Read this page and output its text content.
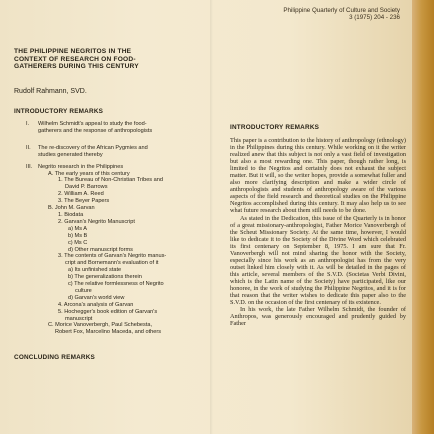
Philippine Quarterly of Culture and Society
3 (1975) 204 - 236
THE PHILIPPINE NEGRITOS IN THE
CONTEXT OF RESEARCH ON FOOD-
GATHERERS DURING THIS CENTURY
Rudolf Rahmann, SVD.
INTRODUCTORY REMARKS
I. Wilhelm Schmidt's appeal to study the food-
gatherers and the response of anthropologists
II. The re-discovery of the African Pygmies and
studies generated thereby
III. Negrito research in the Philippines
A. The early years of this century
1. The Bureau of Non-Christian Tribes and
David P. Barrows
2. William A. Reed
3. The Beyer Papers
B. John M. Garvan
1. Biodata
2. Garvan's Negrito Manuscript
a) Ms A
b) Ms B
c) Ms C
d) Other manuscript forms
3. The contents of Garvan's Negrito manus-
cript and Bornemann's evaluation of it
a) Its unfinished state
b) The generalizations therein
c) The relative formlessness of Negrito
culture
d) Garvan's world view
4. Arcona's analysis of Garvan
5. Hochegger's book edition of Garvan's
manuscript
C. Morice Vanoverbergh, Paul Schebesta,
Robert Fox, Marcelino Maceda, and others
CONCLUDING REMARKS
INTRODUCTORY REMARKS

This paper is a contribution to the history of anthropology (ethnology) in the Philippines during this century. While working on it the writer realized anew that this subject is not only a vast field of investigation but also a most rewarding one. This paper, though rather long, is limited to the Negritos and certainly does not exhaust the subject matter. But it will, so the writer hopes, provide a somewhat fuller and also more clarifying description and make a wider circle of anthropologists and students of anthropology aware of the various aspects of the field research and theoretical studies on the Philippine Negritos accomplished during this century. It may also help us to see what future research about them still needs to be done.

As stated in the Dedication, this issue of the Quarterly is in honor of a great missionary-anthropologist, Father Morice Vanoverbergh of the Scheut Missionary Society. At the same time, however, I would like to dedicate it to the Society of the Divine Word which celebrated its first centenary on September 8, 1975. I am sure that Fr. Vanoverbergh will not mind sharing the honor with the Society, especially since his work as an anthropologist has from the very outset linked him closely with it. As will be detailed in the pages of this article, several members of the S.V.D. (Societas Verbi Divini, which is the Latin name of the Society) have participated, like our honoree, in the work of studying the Philippine Negritos, and it is for that reason that the writer wishes to dedicate this paper also to the S.V.D. on the occasion of the first centenary of its existence.

In his work, the late Father Wilhelm Schmidt, the founder of Anthropos, was generously encouraged and prudently guided by Father
